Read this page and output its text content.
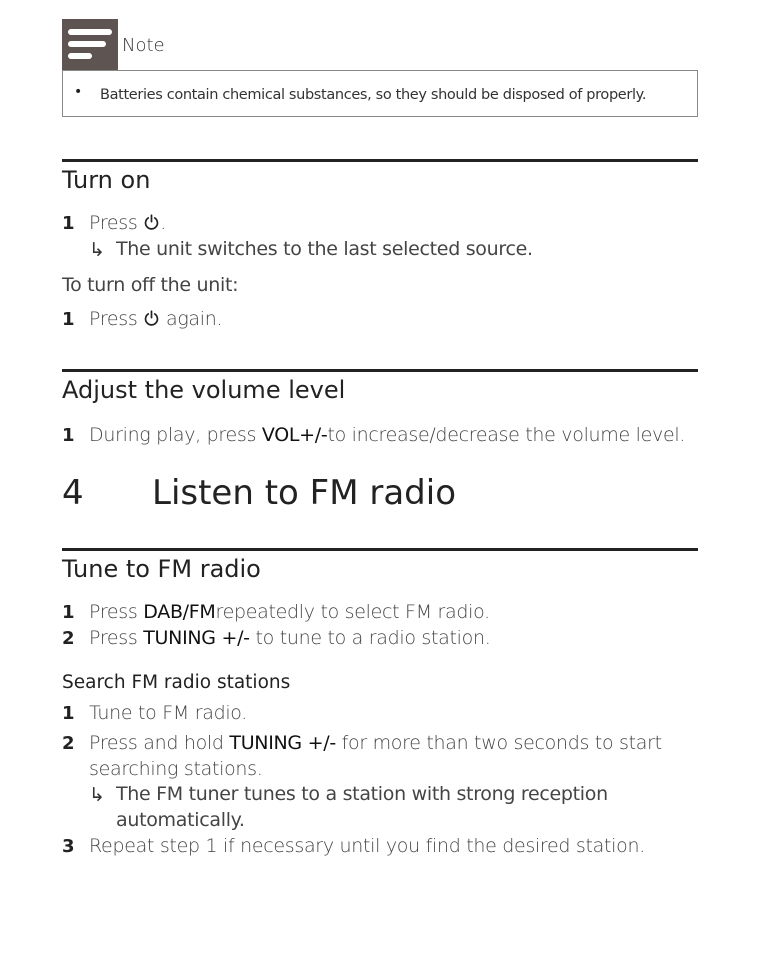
Note
• Batteries contain chemical substances, so they should be disposed of properly.
Turn on
1 Press .
↳ The unit switches to the last selected source.
To turn off the unit:
1 Press  again.
Adjust the volume level
1 During play, press VOL+/-to increase/decrease the volume level.
4 Listen to FM radio
Tune to FM radio
1 Press DAB/FMrepeatedly to select FM radio.
2 Press TUNING +/- to tune to a radio station.
Search FM radio stations
1 Tune to FM radio.
2 Press and hold TUNING +/- for more than two seconds to start
searching stations.
↳ The FM tuner tunes to a station with strong reception
automatically.
3 Repeat step 1 if necessary until you find the desired station.
